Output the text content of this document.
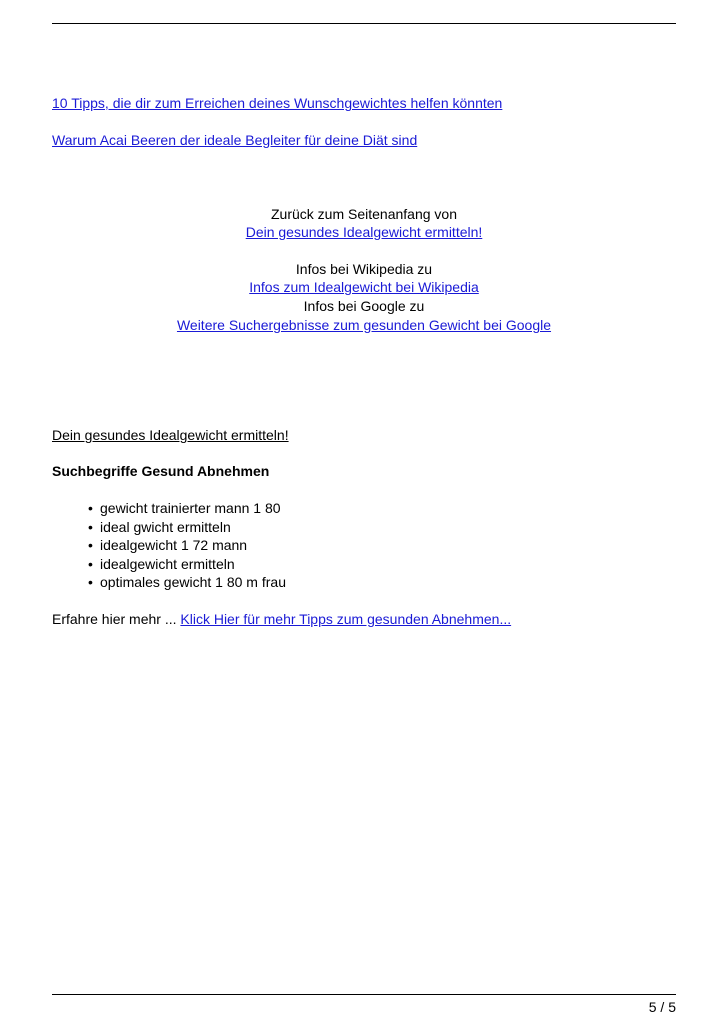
10 Tipps, die dir zum Erreichen deines Wunschgewichtes helfen könnten
Warum Acai Beeren der ideale Begleiter für deine Diät sind
Zurück zum Seitenanfang von
Dein gesundes Idealgewicht ermitteln!
Infos bei Wikipedia zu
Infos zum Idealgewicht bei Wikipedia
Infos bei Google zu
Weitere Suchergebnisse zum gesunden Gewicht bei Google
Dein gesundes Idealgewicht ermitteln!
Suchbegriffe Gesund Abnehmen
• gewicht trainierter mann 1 80
• ideal gwicht ermitteln
• idealgewicht 1 72 mann
• idealgewicht ermitteln
• optimales gewicht 1 80 m frau
Erfahre hier mehr ... Klick Hier für mehr Tipps zum gesunden Abnehmen...
5 / 5
